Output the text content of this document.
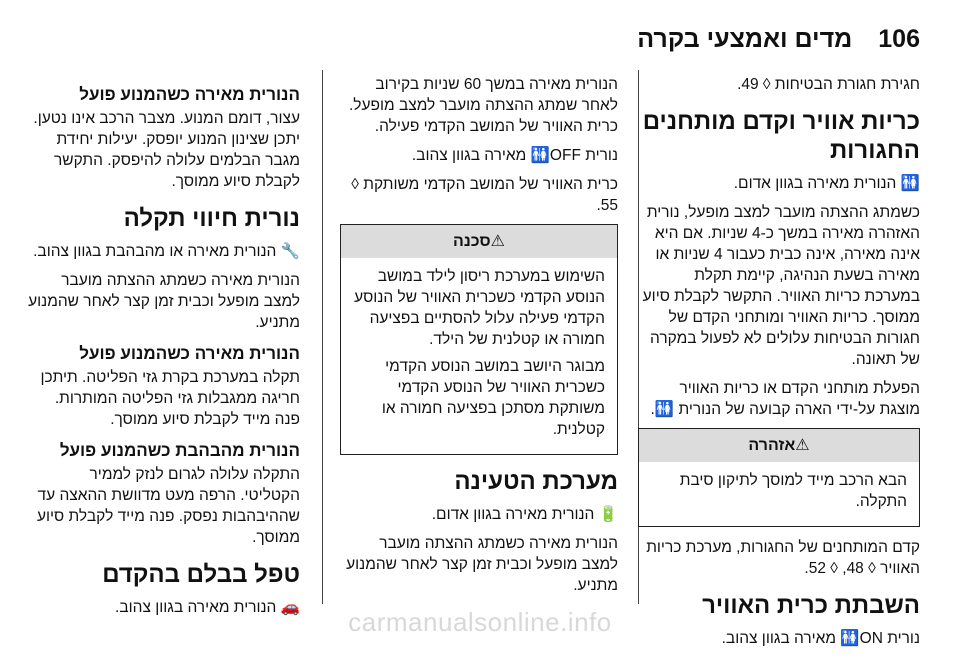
106
מדים ואמצעי בקרה

חגירת חגורת הבטיחות ◊ 49.

כריות אוויר וקדם מותחנים החגורות

🚻 הנורית מאירה בגוון אדום.

כשמתג ההצתה מועבר למצב מופעל, נורית האזהרה מאירה במשך כ-4 שניות. אם היא אינה מאירה, אינה כבית כעבור 4 שניות או מאירה בשעת הנהיגה, קיימת תקלת במערכת כריות האוויר. התקשר לקבלת סיוע ממוסך. כריות האוויר ומותחני הקדם של חגורות הבטיחות עלולים לא לפעול במקרה של תאונה.

הפעלת מותחני הקדם או כריות האוויר מוצגת על-ידי הארה קבועה של הנורית 🚻.

⚠אזהרה

הבא הרכב מייד למוסך לתיקון סיבת התקלה.

קדם המותחנים של החגורות, מערכת כריות האוויר ◊ 48, ◊ 52.

השבתת כרית האוויר

נורית ON🚻 מאירה בגוון צהוב.

הנורית מאירה במשך 60 שניות בקירוב לאחר שמתג ההצתה מועבר למצב מופעל. כרית האוויר של המושב הקדמי פעילה.

נורית OFF🚻 מאירה בגוון צהוב.

כרית האוויר של המושב הקדמי משותקת ◊ 55.

⚠סכנה

השימוש במערכת ריסון לילד במושב הנוסע הקדמי כשכרית האוויר של הנוסע הקדמי פעילה עלול להסתיים בפציעה חמורה או קטלנית של הילד.

מבוגר היושב במושב הנוסע הקדמי כשכרית האוויר של הנוסע הקדמי משותקת מסתכן בפציעה חמורה או קטלנית.

מערכת הטעינה

🔋 הנורית מאירה בגוון אדום.

הנורית מאירה כשמתג ההצתה מועבר למצב מופעל וכבית זמן קצר לאחר שהמנוע מתניע.

הנורית מאירה כשהמנוע פועל

עצור, דומם המנוע. מצבר הרכב אינו נטען. יתכן שצינון המנוע יופסק. יעילות יחידת מגבר הבלמים עלולה להיפסק. התקשר לקבלת סיוע ממוסך.

נורית חיווי תקלה

🔧 הנורית מאירה או מהבהבת בגוון צהוב.

הנורית מאירה כשמתג ההצתה מועבר למצב מופעל וכבית זמן קצר לאחר שהמנוע מתניע.

הנורית מאירה כשהמנוע פועל

תקלה במערכת בקרת גזי הפליטה. תיתכן חריגה ממגבלות גזי הפליטה המותרות. פנה מייד לקבלת סיוע ממוסך.

הנורית מהבהבת כשהמנוע פועל

התקלה עלולה לגרום לנזק לממיר הקטליטי. הרפה מעט מדוושת ההאצה עד שההיבהבות נפסק. פנה מייד לקבלת סיוע ממוסך.

טפל בבלם בהקדם

🚗 הנורית מאירה בגוון צהוב.	carmanualsonline.info
